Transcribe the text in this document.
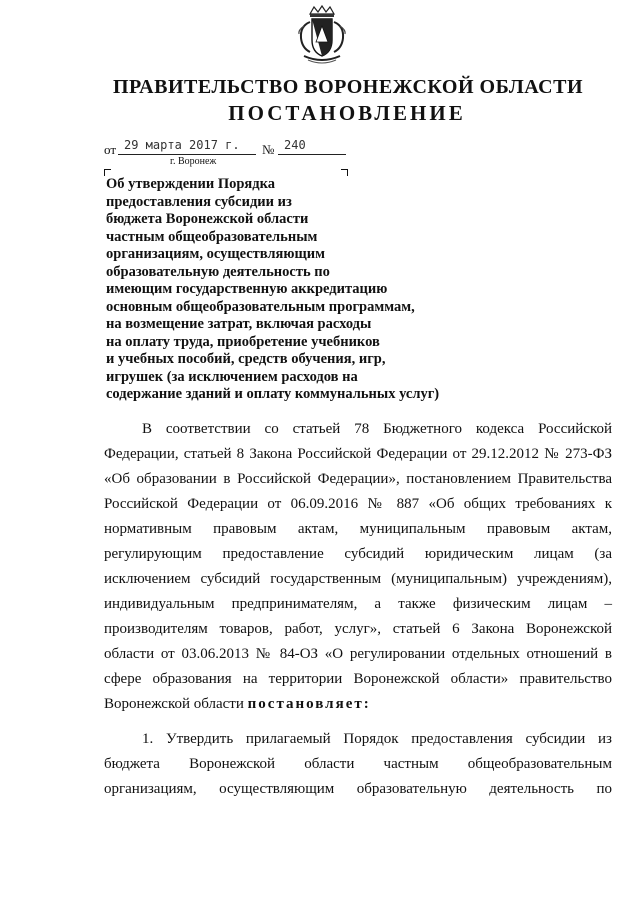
ПРАВИТЕЛЬСТВО ВОРОНЕЖСКОЙ ОБЛАСТИ
ПОСТАНОВЛЕНИЕ
от 29 марта 2017 г.	№ 240
г. Воронеж
Об утверждении Порядка
предоставления субсидии из
бюджета Воронежской области
частным общеобразовательным
организациям, осуществляющим
образовательную деятельность по
имеющим государственную аккредитацию
основным общеобразовательным программам,
на возмещение затрат, включая расходы
на оплату труда, приобретение учебников
и учебных пособий, средств обучения, игр,
игрушек (за исключением расходов на
содержание зданий и оплату коммунальных услуг)
В соответствии со статьей 78 Бюджетного кодекса Российской
Федерации, статьей 8 Закона Российской Федерации от 29.12.2012 № 273-ФЗ
«Об образовании в Российской Федерации», постановлением Правительства
Российской Федерации от 06.09.2016 № 887 «Об общих требованиях к
нормативным правовым актам, муниципальным правовым актам,
регулирующим предоставление субсидий юридическим лицам (за
исключением субсидий государственным (муниципальным) учреждениям),
индивидуальным предпринимателям, а также физическим лицам –
производителям товаров, работ, услуг», статьей 6 Закона Воронежской
области от 03.06.2013 № 84-ОЗ «О регулировании отдельных отношений в
сфере образования на территории Воронежской области» правительство
Воронежской области постановляет:
1. Утвердить прилагаемый Порядок предоставления субсидии из
бюджета Воронежской области частным общеобразовательным
организациям, осуществляющим образовательную деятельность по
